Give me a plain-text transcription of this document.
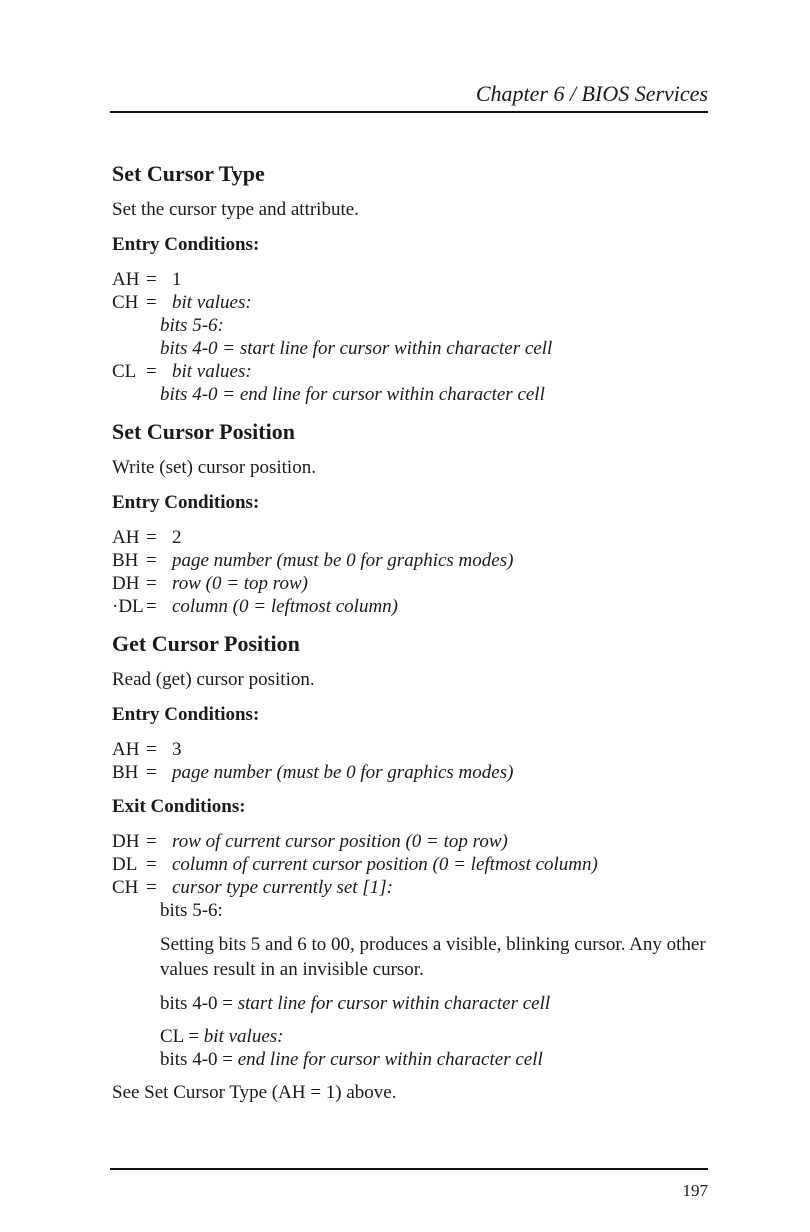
Chapter 6 / BIOS Services
Set Cursor Type
Set the cursor type and attribute.
Entry Conditions:
AH = 1
CH = bit values:
bits 5-6:
bits 4-0 = start line for cursor within character cell
CL = bit values:
bits 4-0 = end line for cursor within character cell
Set Cursor Position
Write (set) cursor position.
Entry Conditions:
AH = 2
BH = page number (must be 0 for graphics modes)
DH = row (0 = top row)
·DL = column (0 = leftmost column)
Get Cursor Position
Read (get) cursor position.
Entry Conditions:
AH = 3
BH = page number (must be 0 for graphics modes)
Exit Conditions:
DH = row of current cursor position (0 = top row)
DL = column of current cursor position (0 = leftmost column)
CH = cursor type currently set [1]:
bits 5-6:
Setting bits 5 and 6 to 00, produces a visible, blinking cursor. Any other values result in an invisible cursor.
bits 4-0 = start line for cursor within character cell
CL = bit values:
bits 4-0 = end line for cursor within character cell
See Set Cursor Type (AH = 1) above.
197
